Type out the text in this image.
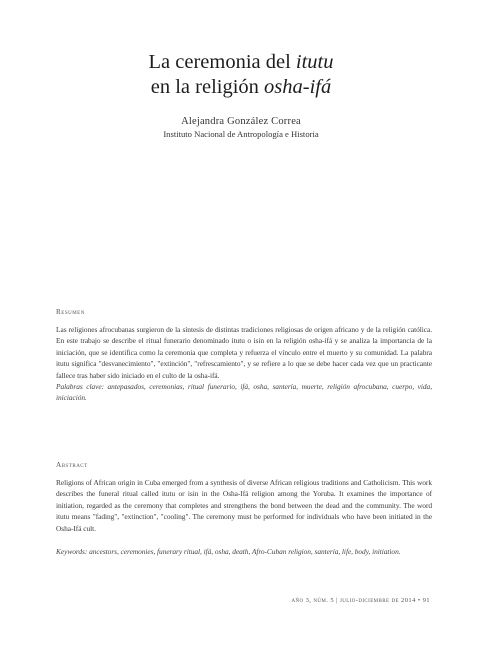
La ceremonia del itutu
en la religión osha-ifá
Alejandra González Correa
Instituto Nacional de Antropología e Historia
Resumen
Las religiones afrocubanas surgieron de la síntesis de distintas tradiciones religiosas de origen africano y de la religión católica. En este trabajo se describe el ritual funerario denominado itutu o isin en la religión osha-ifá y se analiza la importancia de la iniciación, que se identifica como la ceremonia que completa y refuerza el vínculo entre el muerto y su comunidad. La palabra itutu significa "desvanecimiento", "extinción", "refrescamiento", y se refiere a lo que se debe hacer cada vez que un practicante fallece tras haber sido iniciado en el culto de la osha-ifá.
Palabras clave: antepasados, ceremonias, ritual funerario, ifá, osha, santería, muerte, religión afrocubana, cuerpo, vida, iniciación.
Abstract
Religions of African origin in Cuba emerged from a synthesis of diverse African religious traditions and Catholicism. This work describes the funeral ritual called itutu or isin in the Osha-Ifá religion among the Yoruba. It examines the importance of initiation, regarded as the ceremony that completes and strengthens the bond between the dead and the community. The word itutu means "fading", "extinction", "cooling". The ceremony must be performed for individuals who have been initiated in the Osha-Ifá cult.
Keywords: ancestors, ceremonies, funerary ritual, ifá, osha, death, Afro-Cuban religion, santería, life, body, initiation.
año 3, núm. 5 | julio-diciembre de 2014 • 91
